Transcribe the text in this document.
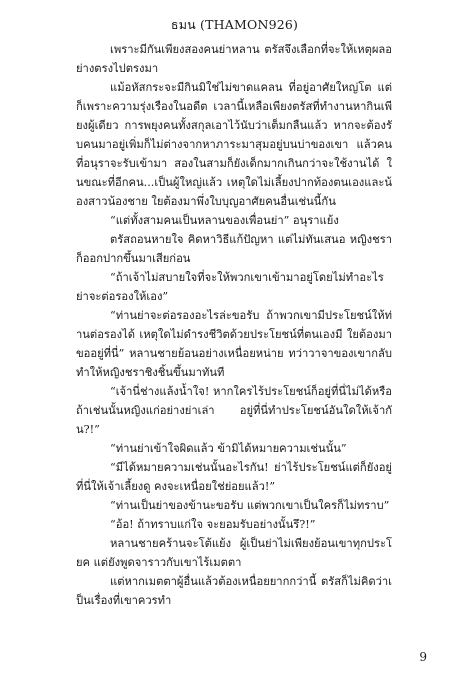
ธมน (THAMON926)

เพราะมีกันเพียงสองคนย่าหลาน ตรัสจึงเลือกที่จะให้เหตุผลอย่างตรงไปตรงมา

แม้อหัสกระจะมีกินมิใช่ไม่ขาดแคลน ที่อยู่อาศัยใหญ่โต แต่ก็เพราะความรุ่งเรืองในอดีต เวลานี้เหลือเพียงตรัสที่ทำงานหากินเพียงผู้เดียว การพยุงคนทั้งสกุลเอาไว้นับว่าเต็มกลืนแล้ว หากจะต้องรับคนมาอยู่เพิ่มก็ไม่ต่างจากหาภาระมาสุมอยู่บนบ่าของเขา แล้วคนที่อนุราจะรับเข้ามา สองในสามก็ยังเด็กมากเกินกว่าจะใช้งานได้ ในขณะที่อีกคน...เป็นผู้ใหญ่แล้ว เหตุใดไม่เลี้ยงปากท้องตนเองและน้องสาวน้องชาย ใยต้องมาพึ่งใบบุญอาศัยคนอื่นเช่นนี้กัน

“แต่ทั้งสามคนเป็นหลานของเพื่อนย่า” อนุราแย้ง

ตรัสถอนหายใจ คิดหาวิธีแก้ปัญหา แต่ไม่ทันเสนอ หญิงชราก็ออกปากขึ้นมาเสียก่อน

“ถ้าเจ้าไม่สบายใจที่จะให้พวกเขาเข้ามาอยู่โดยไม่ทำอะไร ย่าจะต่อรองให้เอง”

“ท่านย่าจะต่อรองอะไรล่ะขอรับ ถ้าพวกเขามีประโยชน์ให้ท่านต่อรองได้ เหตุใดไม่ดำรงชีวิตด้วยประโยชน์ที่ตนเองมี ใยต้องมาขออยู่ที่นี่” หลานชายย้อนอย่างเหนื่อยหน่าย ทว่าวาจาของเขากลับทำให้หญิงชราชิงชิ้นขึ้นมาทันที

“เจ้านี่ช่างแล้งน้ำใจ! หากใครไร้ประโยชน์ก็อยู่ที่นี่ไม่ได้หรือ ถ้าเช่นนั้นหญิงแก่อย่างย่าเล่า อยู่ที่นี่ทำประโยชน์อันใดให้เจ้ากัน?!”

“ท่านย่าเข้าใจผิดแล้ว ข้ามิได้หมายความเช่นนั้น”

“มีได้หมายความเช่นนั้นอะไรกัน! ย่าไร้ประโยชน์แต่ก็ยังอยู่ที่นี่ให้เจ้าเลี้ยงดู คงจะเหนื่อยใช่ย่อยแล้ว!”

“ท่านเป็นย่าของข้านะขอรับ แต่พวกเขาเป็นใครก็ไม่ทราบ”

“อ้อ! ถ้าทราบแก่ใจ จะยอมรับอย่างนั้นรึ?!”

หลานชายคร้านจะโต้แย้ง ผู้เป็นย่าไม่เพียงย้อนเขาทุกประโยค แต่ยังพูดจาราวกับเขาไร้เมตตา

แต่หากเมตตาผู้อื่นแล้วต้องเหนื่อยยากกว่านี้ ตรัสก็ไม่คิดว่าเป็นเรื่องที่เขาควรทำ

9
